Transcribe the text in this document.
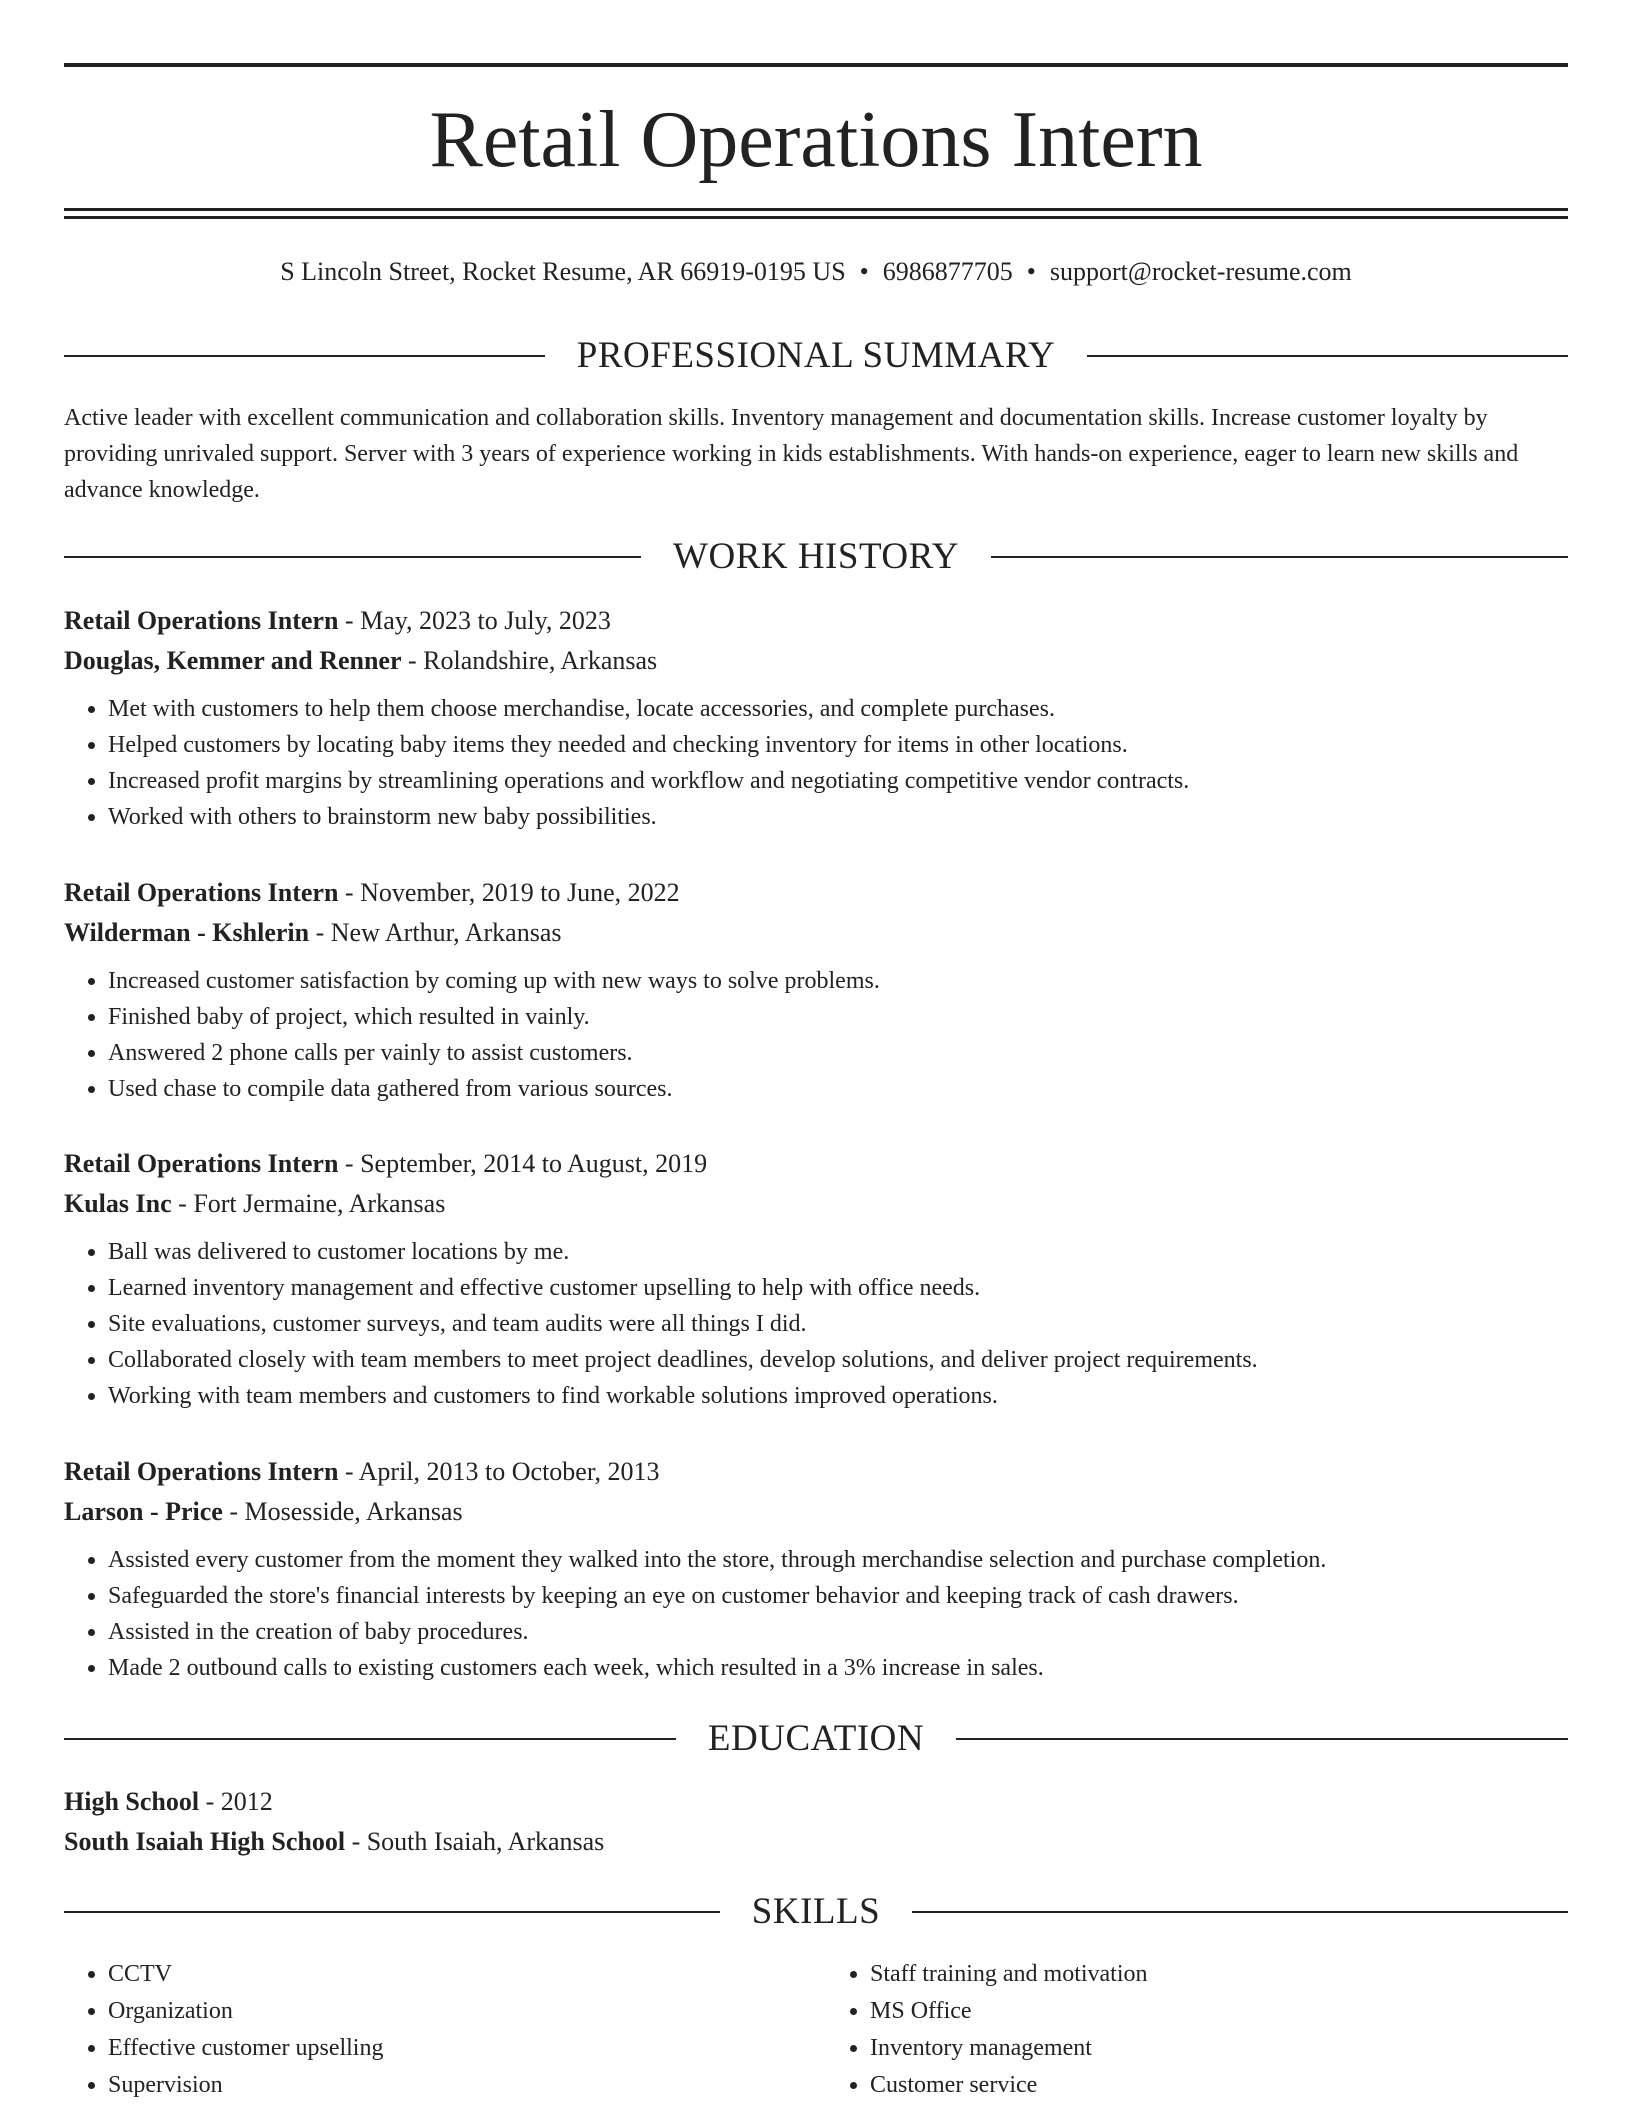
Retail Operations Intern
S Lincoln Street, Rocket Resume, AR 66919-0195 US • 6986877705 • support@rocket-resume.com
PROFESSIONAL SUMMARY

Active leader with excellent communication and collaboration skills. Inventory management and documentation skills. Increase customer loyalty by providing unrivaled support. Server with 3 years of experience working in kids establishments. With hands-on experience, eager to learn new skills and advance knowledge.

WORK HISTORY
Retail Operations Intern - May, 2023 to July, 2023
Douglas, Kemmer and Renner - Rolandshire, Arkansas
• Met with customers to help them choose merchandise, locate accessories, and complete purchases.
• Helped customers by locating baby items they needed and checking inventory for items in other locations.
• Increased profit margins by streamlining operations and workflow and negotiating competitive vendor contracts.
• Worked with others to brainstorm new baby possibilities.
Retail Operations Intern - November, 2019 to June, 2022
Wilderman - Kshlerin - New Arthur, Arkansas
• Increased customer satisfaction by coming up with new ways to solve problems.
• Finished baby of project, which resulted in vainly.
• Answered 2 phone calls per vainly to assist customers.
• Used chase to compile data gathered from various sources.
Retail Operations Intern - September, 2014 to August, 2019
Kulas Inc - Fort Jermaine, Arkansas
• Ball was delivered to customer locations by me.
• Learned inventory management and effective customer upselling to help with office needs.
• Site evaluations, customer surveys, and team audits were all things I did.
• Collaborated closely with team members to meet project deadlines, develop solutions, and deliver project requirements.
• Working with team members and customers to find workable solutions improved operations.
Retail Operations Intern - April, 2013 to October, 2013
Larson - Price - Mosesside, Arkansas
• Assisted every customer from the moment they walked into the store, through merchandise selection and purchase completion.
• Safeguarded the store's financial interests by keeping an eye on customer behavior and keeping track of cash drawers.
• Assisted in the creation of baby procedures.
• Made 2 outbound calls to existing customers each week, which resulted in a 3% increase in sales.
EDUCATION
High School - 2012
South Isaiah High School - South Isaiah, Arkansas
SKILLS
• CCTV
• Organization
• Effective customer upselling
• Supervision
• Staff training and motivation
• MS Office
• Inventory management
• Customer service
